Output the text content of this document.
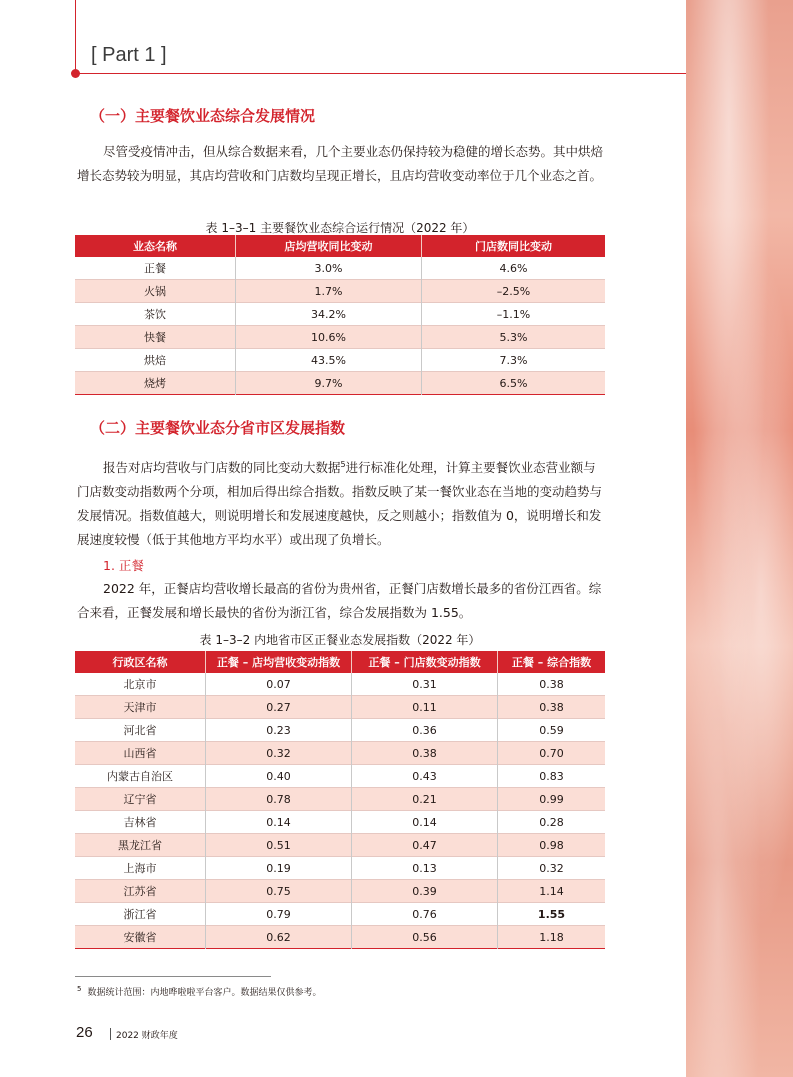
[ Part 1 ]
（一）主要餐饮业态综合发展情况

尽管受疫情冲击，但从综合数据来看，几个主要业态仍保持较为稳健的增长态势。其中烘焙增长态势较为明显，其店均营收和门店数均呈现正增长，且店均营收变动率位于几个业态之首。

表 1–3–1 主要餐饮业态综合运行情况（2022 年）
业态名称	店均营收同比变动	门店数同比变动
正餐	3.0%	4.6%
火锅	1.7%	–2.5%
茶饮	34.2%	–1.1%
快餐	10.6%	5.3%
烘焙	43.5%	7.3%
烧烤	9.7%	6.5%
（二）主要餐饮业态分省市区发展指数

报告对店均营收与门店数的同比变动大数据$^5$进行标准化处理，计算主要餐饮业态营业额与门店数变动指数两个分项，相加后得出综合指数。指数反映了某一餐饮业态在当地的变动趋势与发展情况。指数值越大，则说明增长和发展速度越快，反之则越小；指数值为 0，说明增长和发展速度较慢（低于其他地方平均水平）或出现了负增长。

1. 正餐

2022 年，正餐店均营收增长最高的省份为贵州省，正餐门店数增长最多的省份江西省。综合来看，正餐发展和增长最快的省份为浙江省，综合发展指数为 1.55。

表 1–3–2 内地省市区正餐业态发展指数（2022 年）
行政区名称	正餐 – 店均营收变动指数	正餐 – 门店数变动指数	正餐 – 综合指数
北京市	0.07	0.31	0.38
天津市	0.27	0.11	0.38
河北省	0.23	0.36	0.59
山西省	0.32	0.38	0.70
内蒙古自治区	0.40	0.43	0.83
辽宁省	0.78	0.21	0.99
吉林省	0.14	0.14	0.28
黑龙江省	0.51	0.47	0.98
上海市	0.19	0.13	0.32
江苏省	0.75	0.39	1.14
浙江省	0.79	0.76	1.55
安徽省	0.62	0.56	1.18
$^5$ 数据统计范围：内地哗啦啦平台客户。数据结果仅供参考。
26	2022 财政年度
